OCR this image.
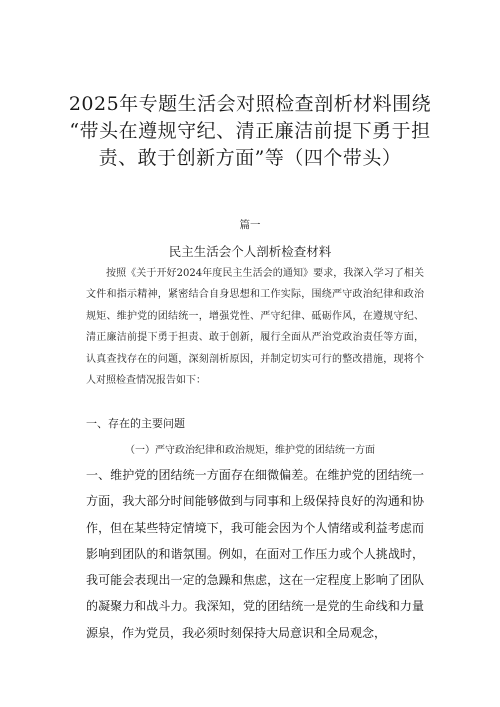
2025年专题生活会对照检查剖析材料围绕
“带头在遵规守纪、清正廉洁前提下勇于担
责、敢于创新方面”等（四个带头）
篇一
民主生活会个人剖析检查材料

按照《关于开好2024年度民主生活会的通知》要求，我深入学习了相关文件和指示精神，紧密结合自身思想和工作实际，围绕严守政治纪律和政治规矩、维护党的团结统一，增强党性、严守纪律、砥砺作风，在遵规守纪、清正廉洁前提下勇于担责、敢于创新，履行全面从严治党政治责任等方面，认真查找存在的问题，深刻剖析原因，并制定切实可行的整改措施，现将个人对照检查情况报告如下：

一、存在的主要问题
（一）严守政治纪律和政治规矩，维护党的团结统一方面

一、维护党的团结统一方面存在细微偏差。在维护党的团结统一方面，我大部分时间能够做到与同事和上级保持良好的沟通和协作，但在某些特定情境下，我可能会因为个人情绪或利益考虑而影响到团队的和谐氛围。例如，在面对工作压力或个人挑战时，我可能会表现出一定的急躁和焦虑，这在一定程度上影响了团队的凝聚力和战斗力。我深知，党的团结统一是党的生命线和力量源泉，作为党员，我必须时刻保持大局意识和全局观念，
